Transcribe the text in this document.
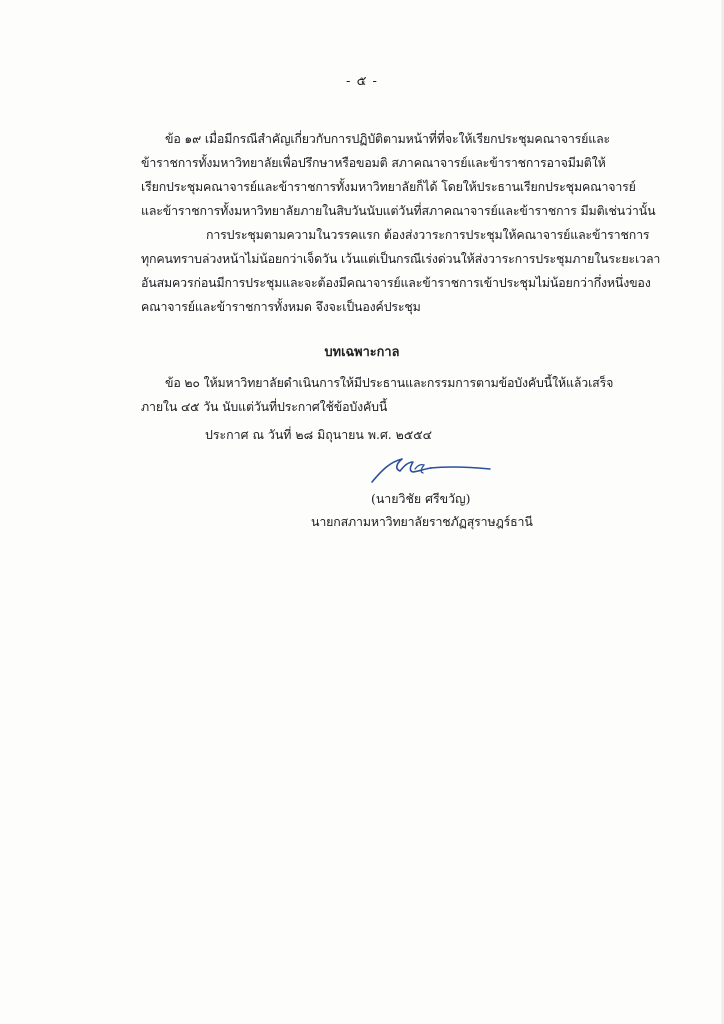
- ๕ -
ข้อ ๑๙ เมื่อมีกรณีสำคัญเกี่ยวกับการปฏิบัติตามหน้าที่ที่จะให้เรียกประชุมคณาจารย์และ
ข้าราชการทั้งมหาวิทยาลัยเพื่อปรึกษาหรือขอมติ สภาคณาจารย์และข้าราชการอาจมีมติให้
เรียกประชุมคณาจารย์และข้าราชการทั้งมหาวิทยาลัยก็ได้ โดยให้ประธานเรียกประชุมคณาจารย์
และข้าราชการทั้งมหาวิทยาลัยภายในสิบวันนับแต่วันที่สภาคณาจารย์และข้าราชการ มีมติเช่นว่านั้น
การประชุมตามความในวรรคแรก ต้องส่งวาระการประชุมให้คณาจารย์และข้าราชการ
ทุกคนทราบล่วงหน้าไม่น้อยกว่าเจ็ดวัน เว้นแต่เป็นกรณีเร่งด่วนให้ส่งวาระการประชุมภายในระยะเวลา
อันสมควรก่อนมีการประชุมและจะต้องมีคณาจารย์และข้าราชการเข้าประชุมไม่น้อยกว่ากึ่งหนึ่งของ
คณาจารย์และข้าราชการทั้งหมด จึงจะเป็นองค์ประชุม
บทเฉพาะกาล
ข้อ ๒๐ ให้มหาวิทยาลัยดำเนินการให้มีประธานและกรรมการตามข้อบังคับนี้ให้แล้วเสร็จ
ภายใน ๔๕ วัน นับแต่วันที่ประกาศใช้ข้อบังคับนี้
ประกาศ ณ วันที่ ๒๘ มิถุนายน พ.ศ. ๒๕๕๔
(นายวิชัย ศรีขวัญ)
นายกสภามหาวิทยาลัยราชภัฏสุราษฎร์ธานี
